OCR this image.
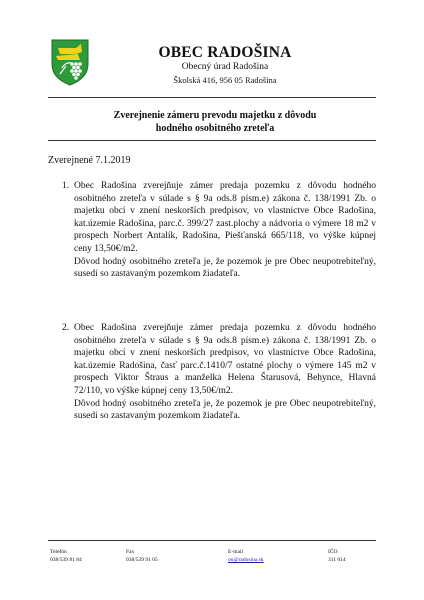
OBEC RADOŠINA
Obecný úrad Radošina
Školská 416, 956 05 Radošina
Zverejnenie zámeru prevodu majetku z dôvodu
hodného osobitného zreteľa
Zverejnené 7.1.2019
1. Obec Radošina zverejňuje zámer predaja pozemku z dôvodu hodného osobitného zreteľa v súlade s § 9a ods.8 písm.e) zákona č. 138/1991 Zb. o majetku obcí v znení neskorších predpisov, vo vlastníctve Obce Radošina, kat.územie Radošina, parc.č. 399/27 zast.plochy a nádvoria o výmere 18 m2 v prospech Norbert Antalík, Radošina, Piešťanská 665/118, vo výške kúpnej ceny 13,50€/m2.

Dôvod hodný osobitného zreteľa je, že pozemok je pre Obec neupotrebiteľný, susedí so zastavaným pozemkom žiadateľa.

2. Obec Radošina zverejňuje zámer predaja pozemku z dôvodu hodného osobitného zreteľa v súlade s § 9a ods.8 písm.e) zákona č. 138/1991 Zb. o majetku obcí v znení neskorších predpisov, vo vlastníctve Obce Radošina, kat.územie Radošina, časť parc.č.1410/7 ostatné plochy o výmere 145 m2 v prospech Viktor Štraus a manželka Helena Štarusová, Behynce, Hlavná 72/110, vo výške kúpnej ceny 13,50€/m2.

Dôvod hodný osobitného zreteľa je, že pozemok je pre Obec neupotrebiteľný, susedí so zastavaným pozemkom žiadateľa.

Telefón
038/539 81 84
Fax
038/539 91 05
E-mail
ou@radosina.sk
IČO
311 014
